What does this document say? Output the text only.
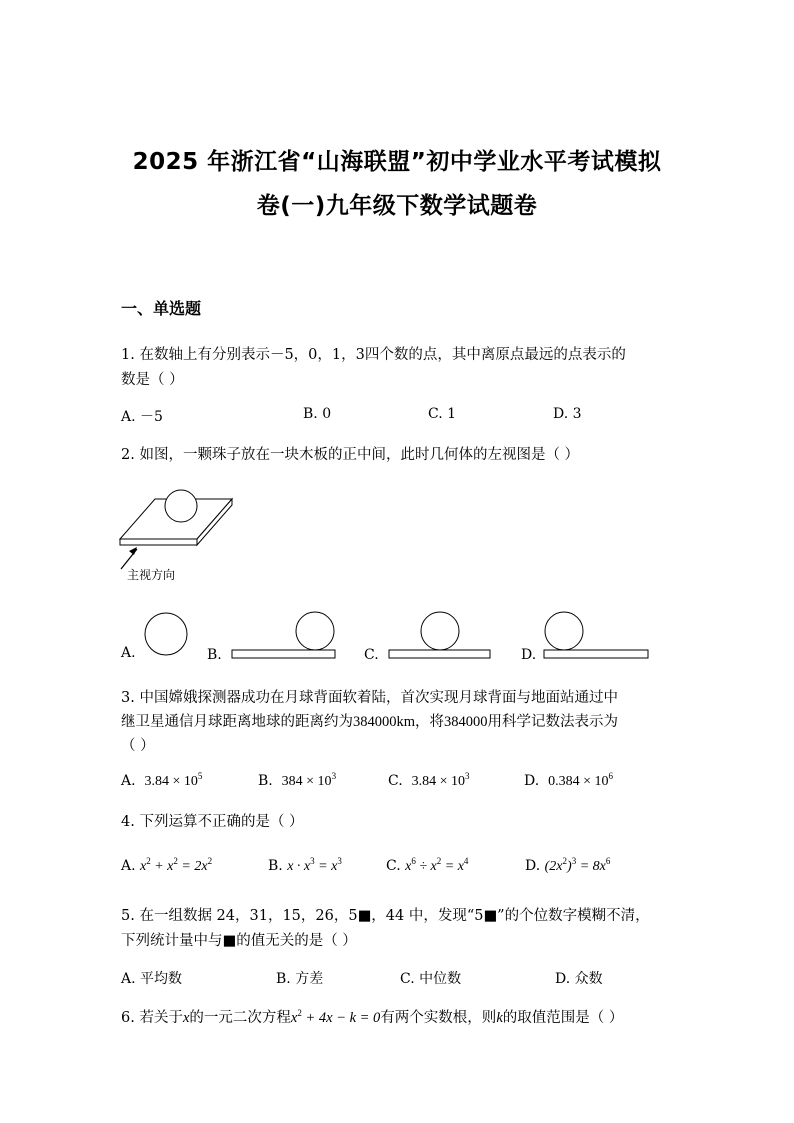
2025 年浙江省“山海联盟”初中学业水平考试模拟
卷(一)九年级下数学试题卷
一、单选题
1. 在数轴上有分别表示－5，0，1，3四个数的点，其中离原点最远的点表示的
数是（ ）
A. －5	B. 0	C. 1	D. 3
2. 如图，一颗珠子放在一块木板的正中间，此时几何体的左视图是（ ）
主视方向
A.	B.	C.	D.
3. 中国嫦娥探测器成功在月球背面软着陆，首次实现月球背面与地面站通过中
继卫星通信月球距离地球的距离约为384000km，将384000用科学记数法表示为
（ ）
A. $3.84 \times 10^5$	B. $384 \times 10^3$	C. $3.84 \times 10^3$	D. $0.384 \times 10^6$
4. 下列运算不正确的是（ ）
A. $x^2 + x^2 = 2x^2$	B. $x \cdot x^3 = x^3$	C. $x^6 \div x^2 = x^4$	D. $(2x^2)^3 = 8x^6$
5. 在一组数据 24，31，15，26，5■，44 中，发现“5■”的个位数字模糊不清，
下列统计量中与■的值无关的是（ ）
A. 平均数	B. 方差	C. 中位数	D. 众数
6. 若关于x的一元二次方程$x^2 + 4x - k = 0$有两个实数根，则k的取值范围是（ ）
